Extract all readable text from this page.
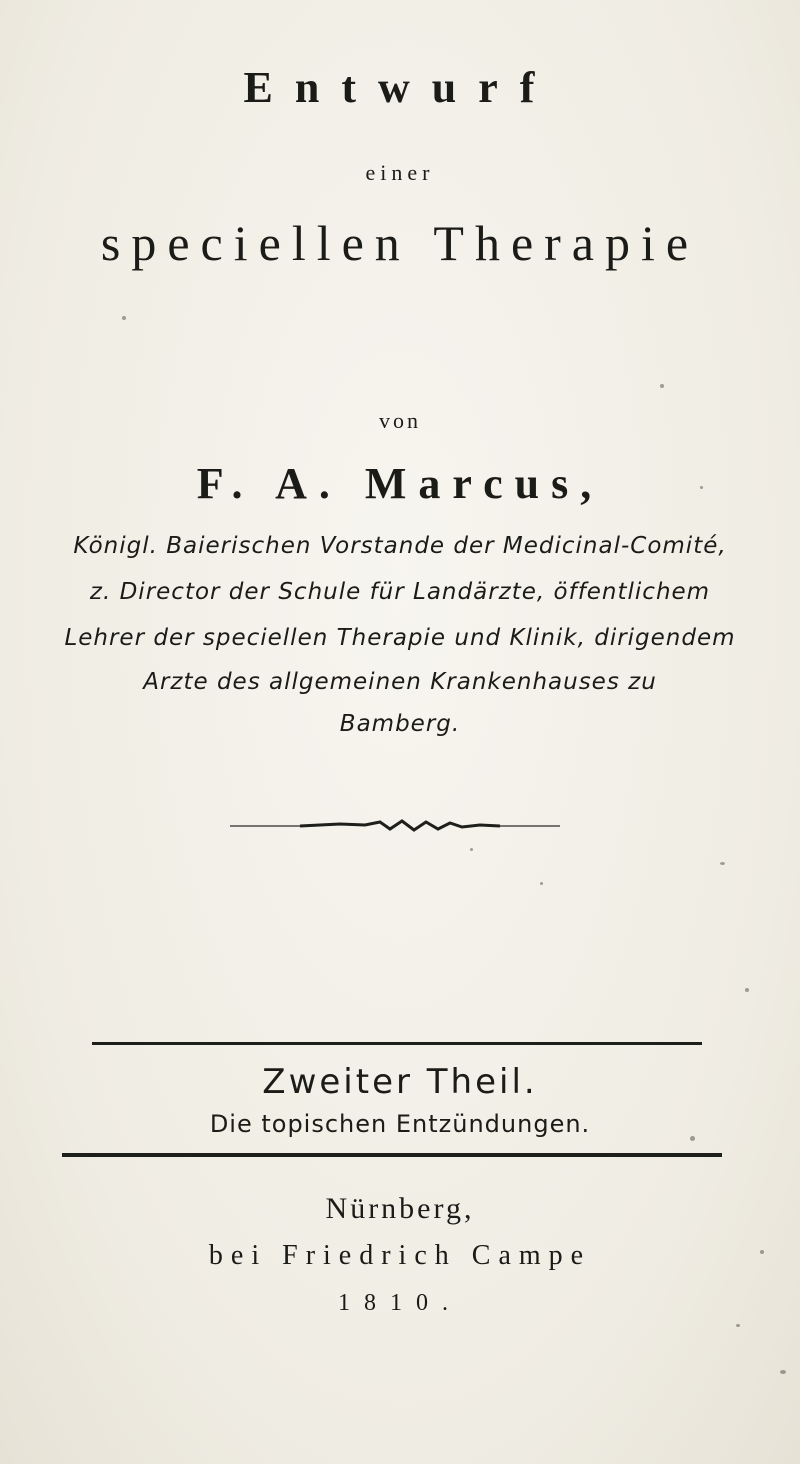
Entwurf
einer
speciellen Therapie
von
F. A. Marcus,
Königl. Baierischen Vorstande der Medicinal-Comité,
z. Director der Schule für Landärzte, öffentlichem
Lehrer der speciellen Therapie und Klinik, dirigendem
Arzte des allgemeinen Krankenhauses zu
Bamberg.
Zweiter Theil.
Die topischen Entzündungen.
Nürnberg,
bei Friedrich Campe
1810.
